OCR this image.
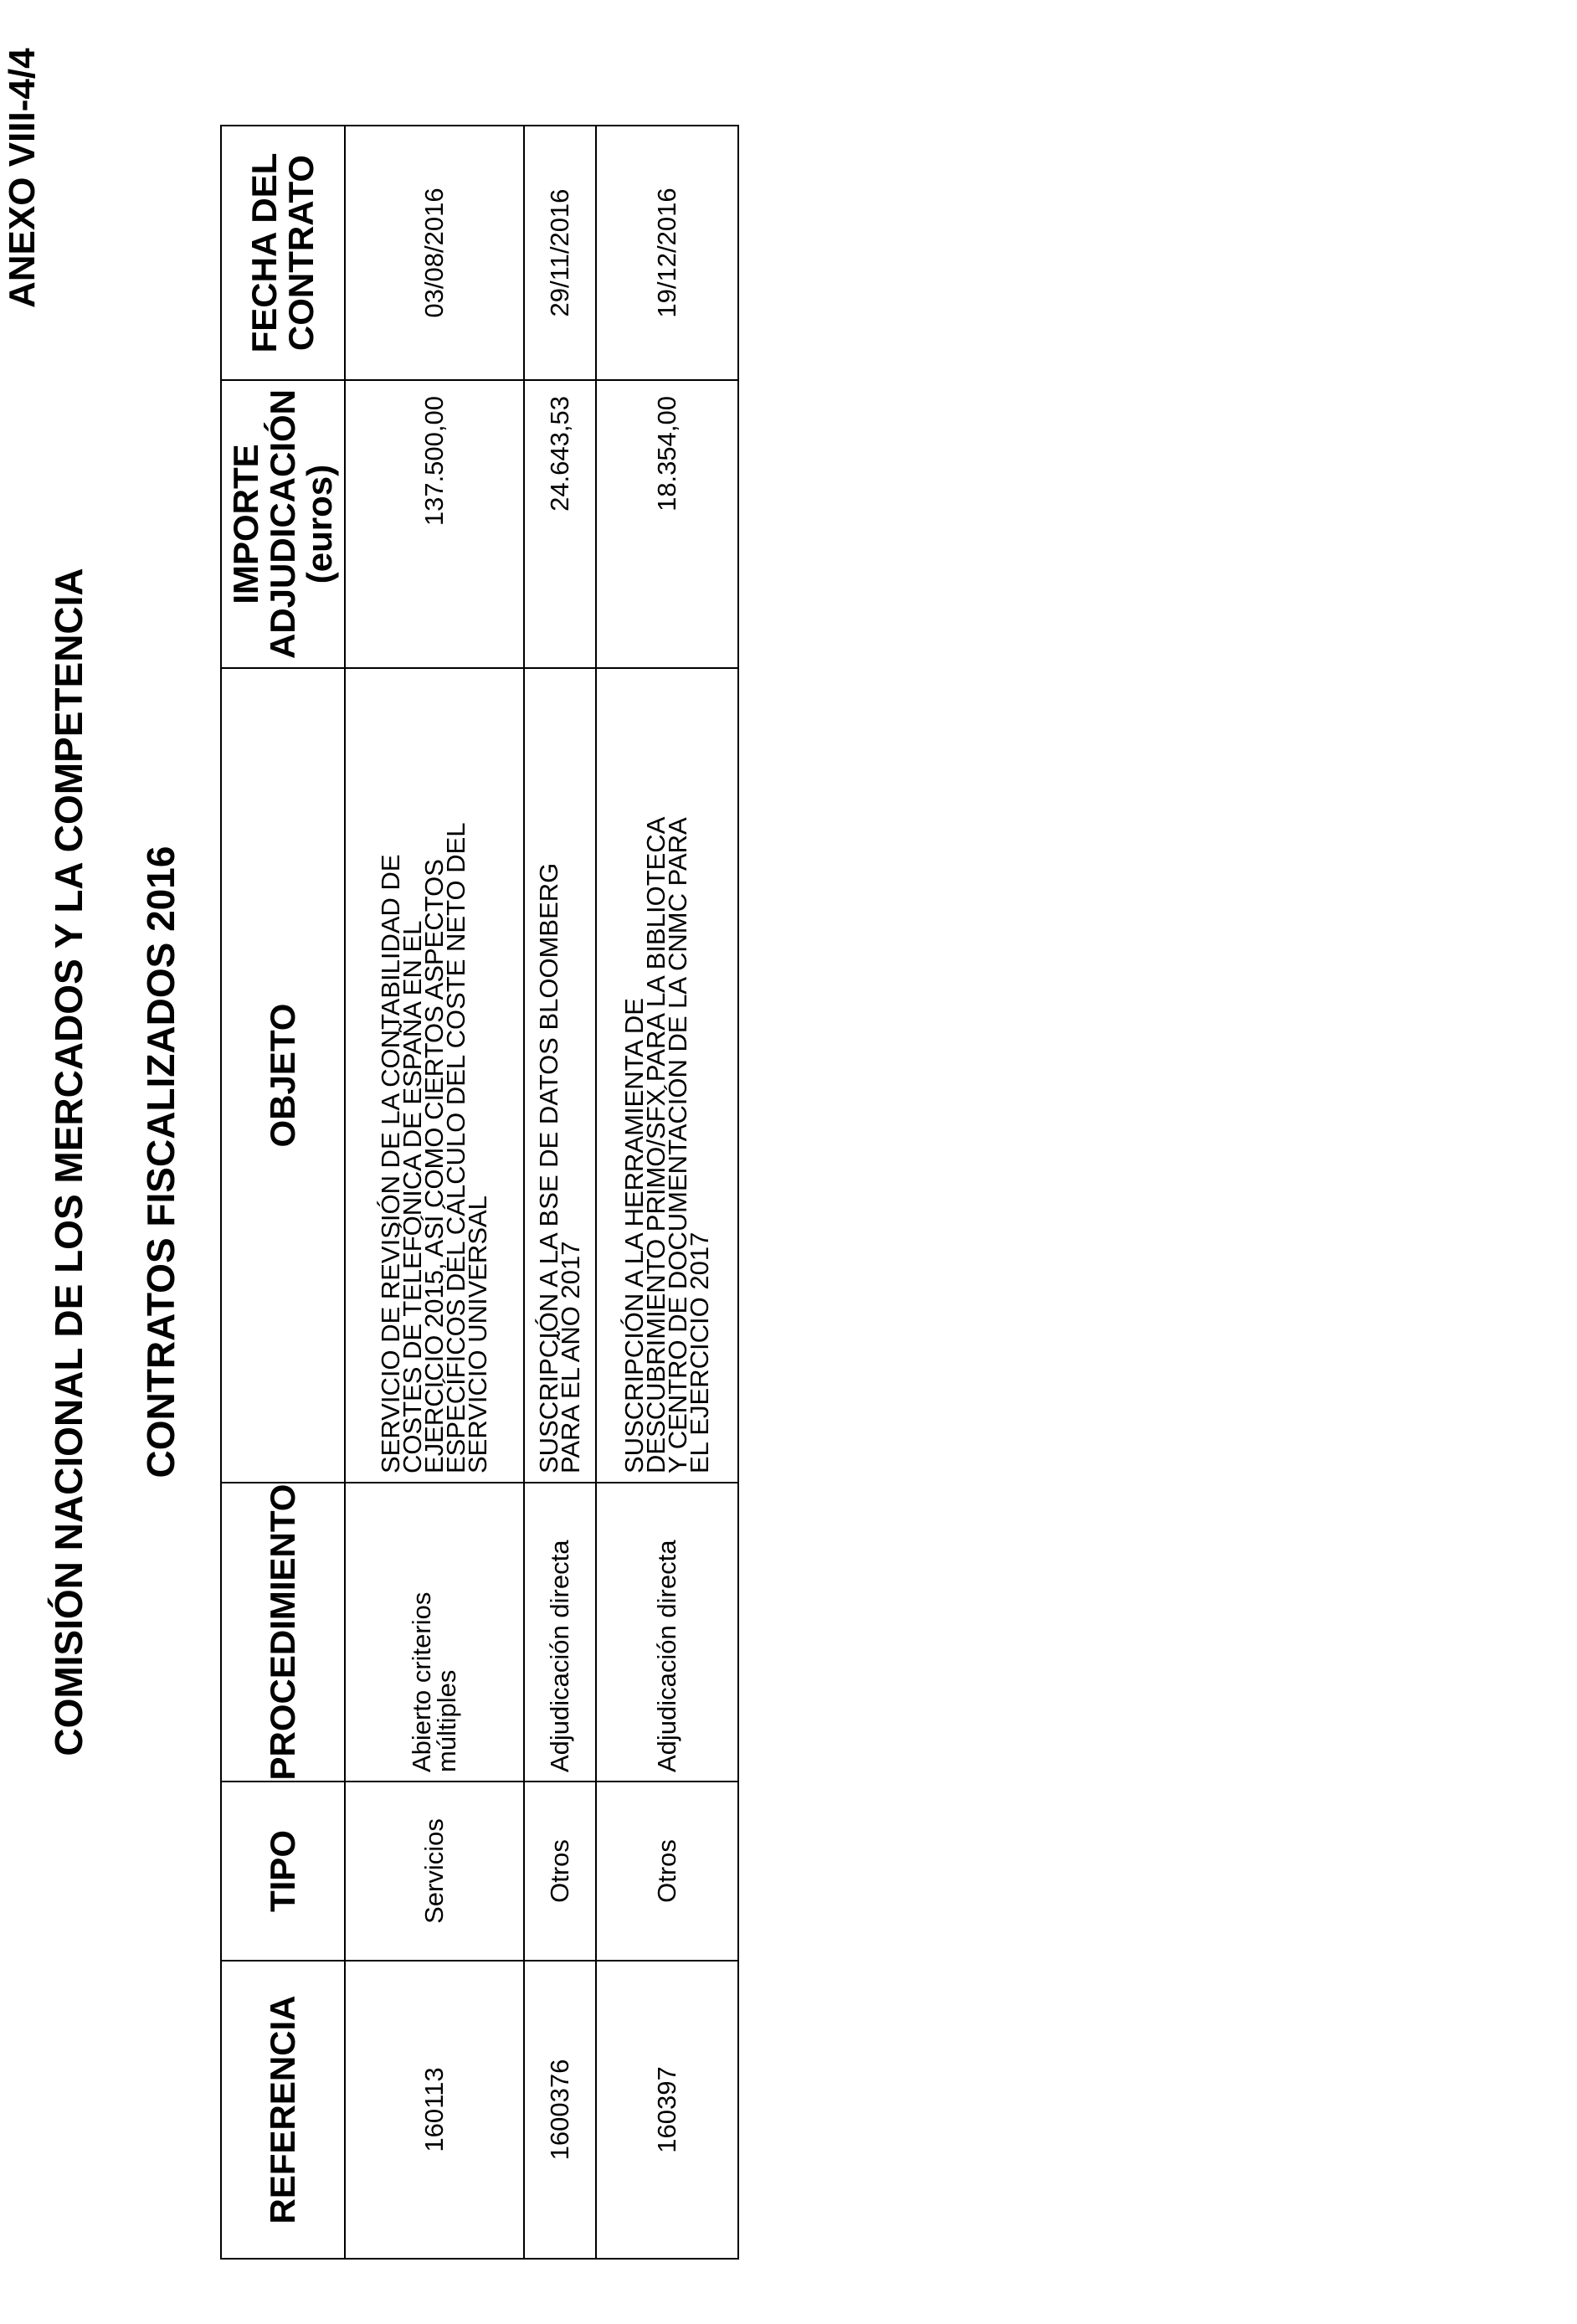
ANEXO VIII-4/4
COMISIÓN NACIONAL DE LOS MERCADOS Y LA COMPETENCIA CONTRATOS FISCALIZADOS 2016
REFERENCIA	TIPO	PROCEDIMIENTO	OBJETO	IMPORTE
ADJUDICACIÓN
(euros)	FECHA DEL
CONTRATO

160113	Servicios	Abierto criterios
múltiples	SERVICIO DE REVISIÓN DE LA CONTABILIDAD DE
COSTES DE TELEFÓNICA DE ESPAÑA EN EL
EJERCICIO 2015, ASÍ COMO CIERTOS ASPECTOS
ESPECÍFICOS DEL CÁLCULO DEL COSTE NETO DEL
SERVICIO UNIVERSAL	137.500,00	03/08/2016
1600376	Otros	Adjudicación directa	SUSCRIPCIÓN A LA BSE DE DATOS BLOOMBERG
PARA EL AÑO 2017	24.643,53	29/11/2016
160397	Otros	Adjudicación directa	SUSCRIPCIÓN A LA HERRAMIENTA DE
DESCUBRIMIENTO PRIMO/SFX PARA LA BIBLIOTECA
Y CENTRO DE DOCUMENTACIÓN DE LA CNMC PARA
EL EJERCICIO 2017	18.354,00	19/12/2016
